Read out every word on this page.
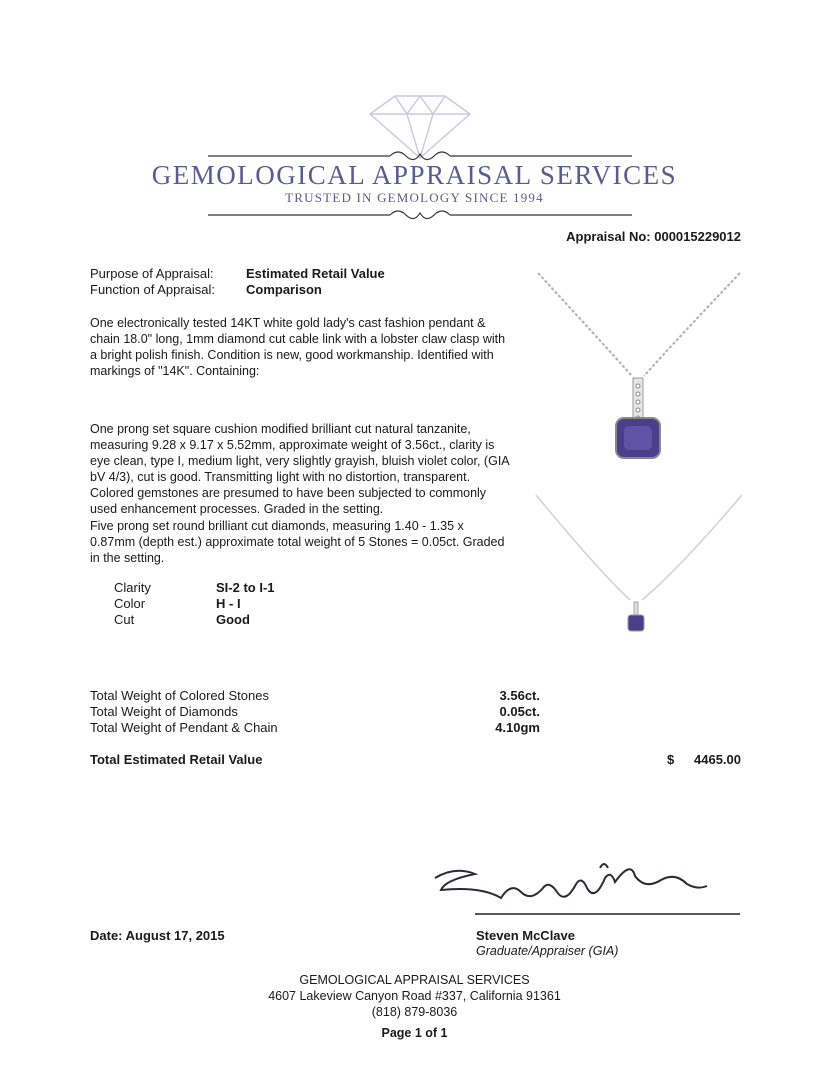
GEMOLOGICAL APPRAISAL SERVICES
TRUSTED IN GEMOLOGY SINCE 1994
Appraisal No: 000015229012
Purpose of Appraisal:	Estimated Retail Value
Function of Appraisal:	Comparison
One electronically tested 14KT white gold lady's cast fashion pendant & chain 18.0" long, 1mm diamond cut cable link with a lobster claw clasp with a bright polish finish. Condition is new, good workmanship. Identified with markings of "14K". Containing:
One prong set square cushion modified brilliant cut natural tanzanite, measuring 9.28 x 9.17 x 5.52mm, approximate weight of 3.56ct., clarity is eye clean, type I, medium light, very slightly grayish, bluish violet color, (GIA bV 4/3), cut is good. Transmitting light with no distortion, transparent. Colored gemstones are presumed to have been subjected to commonly used enhancement processes. Graded in the setting.
Five prong set round brilliant cut diamonds, measuring 1.40 - 1.35 x 0.87mm (depth est.) approximate total weight of 5 Stones = 0.05ct. Graded in the setting.
Clarity	SI-2 to I-1
Color	H - I
Cut	Good
Total Weight of Colored Stones	3.56ct.
Total Weight of Diamonds	0.05ct.
Total Weight of Pendant & Chain	4.10gm
Total Estimated Retail Value	$ 4465.00
Date: August 17, 2015	Steven McClave
Graduate/Appraiser (GIA)
GEMOLOGICAL APPRAISAL SERVICES
4607 Lakeview Canyon Road #337, California 91361
(818) 879-8036
Page 1 of 1
